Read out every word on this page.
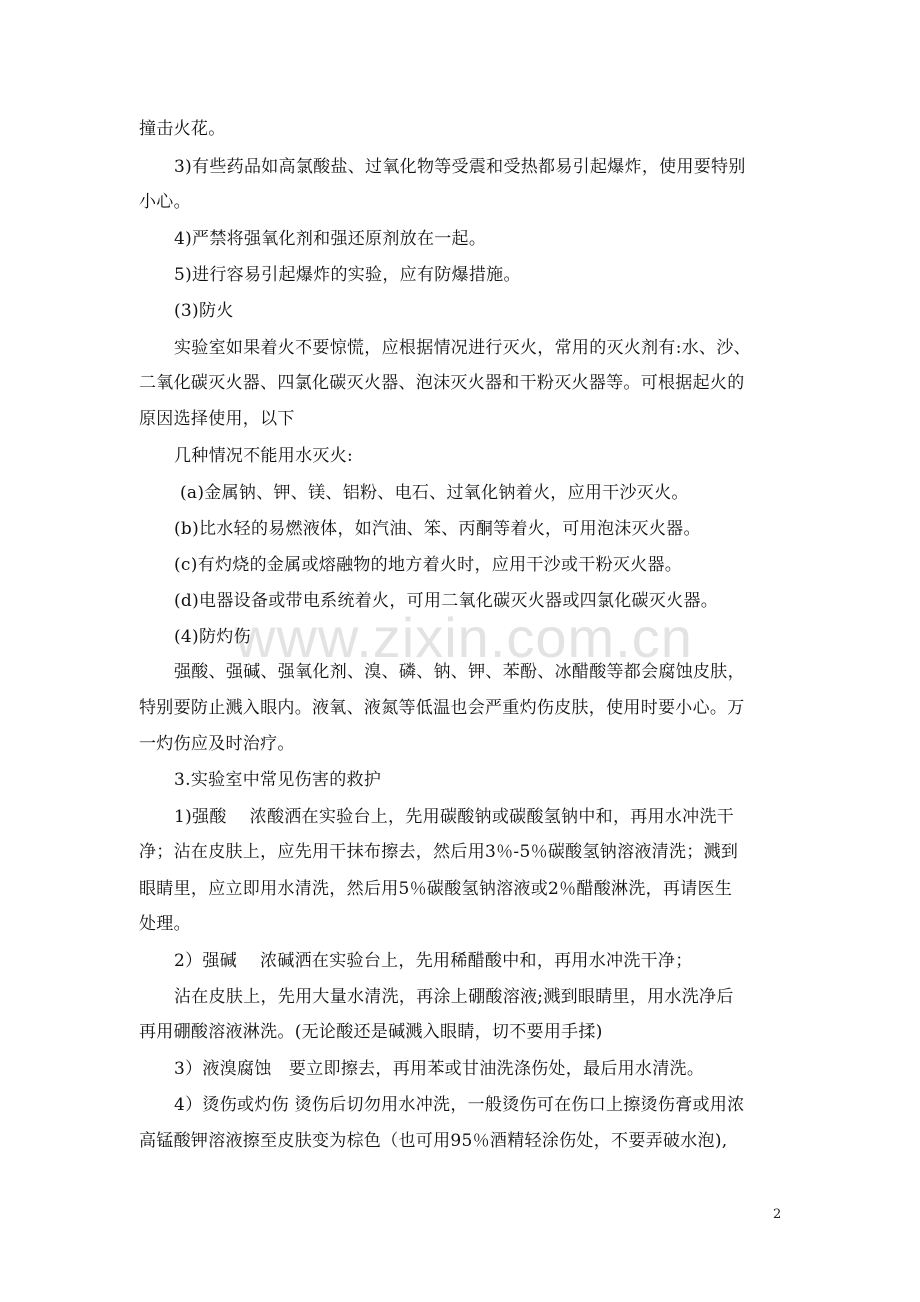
www.zixin.com.cn
撞击火花。
3)有些药品如高氯酸盐、过氧化物等受震和受热都易引起爆炸，使用要特别
小心。
4)严禁将强氧化剂和强还原剂放在一起。
5)进行容易引起爆炸的实验，应有防爆措施。
(3)防火
实验室如果着火不要惊慌，应根据情况进行灭火，常用的灭火剂有:水、沙、
二氧化碳灭火器、四氯化碳灭火器、泡沫灭火器和干粉灭火器等。可根据起火的
原因选择使用，以下
几种情况不能用水灭火:
(a)金属钠、钾、镁、铝粉、电石、过氧化钠着火，应用干沙灭火。
(b)比水轻的易燃液体，如汽油、笨、丙酮等着火，可用泡沫灭火器。
(c)有灼烧的金属或熔融物的地方着火时，应用干沙或干粉灭火器。
(d)电器设备或带电系统着火，可用二氧化碳灭火器或四氯化碳灭火器。
(4)防灼伤
强酸、强碱、强氧化剂、溴、磷、钠、钾、苯酚、冰醋酸等都会腐蚀皮肤，
特别要防止溅入眼内。液氧、液氮等低温也会严重灼伤皮肤，使用时要小心。万
一灼伤应及时治疗。
3.实验室中常见伤害的救护
1)强酸　 浓酸洒在实验台上，先用碳酸钠或碳酸氢钠中和，再用水冲洗干
净；沾在皮肤上，应先用干抹布擦去，然后用3％-5％碳酸氢钠溶液清洗；溅到
眼睛里，应立即用水清洗，然后用5％碳酸氢钠溶液或2％醋酸淋洗，再请医生
处理。
2）强碱　 浓碱洒在实验台上，先用稀醋酸中和，再用水冲洗干净；
沾在皮肤上，先用大量水清洗，再涂上硼酸溶液;溅到眼睛里，用水洗净后
再用硼酸溶液淋洗。(无论酸还是碱溅入眼睛，切不要用手揉)
3）液溴腐蚀　要立即擦去，再用苯或甘油洗涤伤处，最后用水清洗。
4）烫伤或灼伤 烫伤后切勿用水冲洗，一般烫伤可在伤口上擦烫伤膏或用浓
高锰酸钾溶液擦至皮肤变为棕色（也可用95％酒精轻涂伤处，不要弄破水泡),
2
